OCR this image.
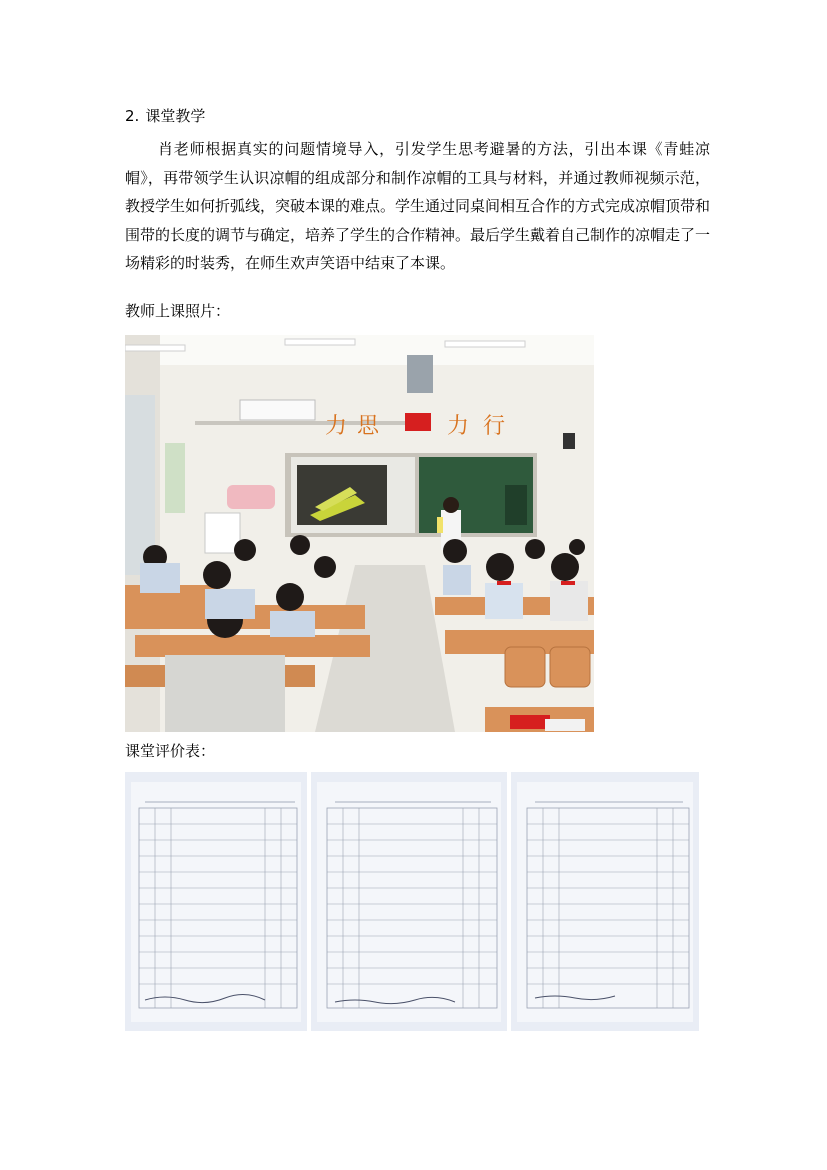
2. 课堂教学

肖老师根据真实的问题情境导入，引发学生思考避暑的方法，引出本课《青蛙凉帽》，再带领学生认识凉帽的组成部分和制作凉帽的工具与材料，并通过教师视频示范，教授学生如何折弧线，突破本课的难点。学生通过同桌间相互合作的方式完成凉帽顶带和围带的长度的调节与确定，培养了学生的合作精神。最后学生戴着自己制作的凉帽走了一场精彩的时装秀，在师生欢声笑语中结束了本课。

教师上课照片：
力 思	力 行
课堂评价表：
